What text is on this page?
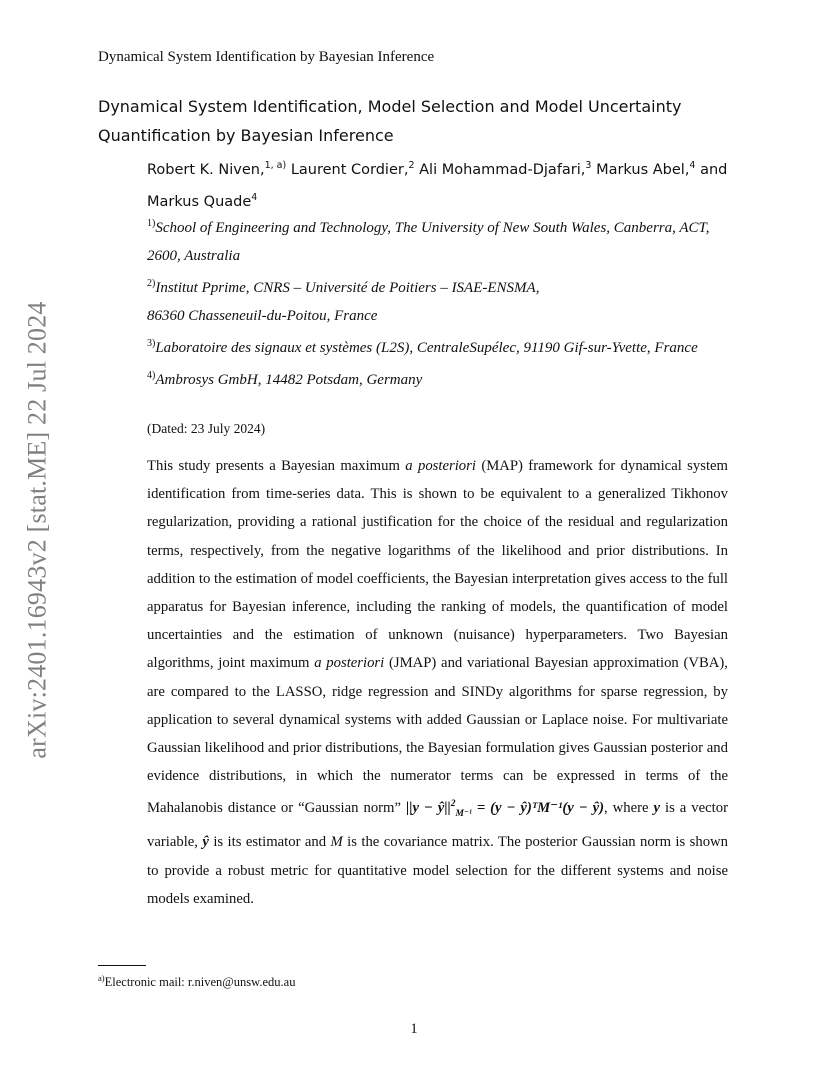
arXiv:2401.16943v2 [stat.ME] 22 Jul 2024
Dynamical System Identification by Bayesian Inference
Dynamical System Identification, Model Selection and Model Uncertainty Quantification by Bayesian Inference
Robert K. Niven,$^{1, a)}$ Laurent Cordier,$^2$ Ali Mohammad-Djafari,$^3$ Markus Abel,$^4$ and Markus Quade$^4$
$^{1)}$School of Engineering and Technology, The University of New South Wales, Canberra, ACT, 2600, Australia
$^{2)}$Institut Pprime, CNRS – Université de Poitiers – ISAE-ENSMA,
86360 Chasseneuil-du-Poitou, France
$^{3)}$Laboratoire des signaux et systèmes (L2S), CentraleSupélec, 91190 Gif-sur-Yvette, France
$^{4)}$Ambrosys GmbH, 14482 Potsdam, Germany
(Dated: 23 July 2024)

This study presents a Bayesian maximum a posteriori (MAP) framework for dynamical system identification from time-series data. This is shown to be equivalent to a generalized Tikhonov regularization, providing a rational justification for the choice of the residual and regularization terms, respectively, from the negative logarithms of the likelihood and prior distributions. In addition to the estimation of model coefficients, the Bayesian interpretation gives access to the full apparatus for Bayesian inference, including the ranking of models, the quantification of model uncertainties and the estimation of unknown (nuisance) hyperparameters. Two Bayesian algorithms, joint maximum a posteriori (JMAP) and variational Bayesian approximation (VBA), are compared to the LASSO, ridge regression and SINDy algorithms for sparse regression, by application to several dynamical systems with added Gaussian or Laplace noise. For multivariate Gaussian likelihood and prior distributions, the Bayesian formulation gives Gaussian posterior and evidence distributions, in which the numerator terms can be expressed in terms of the Mahalanobis distance or “Gaussian norm” $||y - ŷ||^2_{M^{-1}} = (y$ − ŷ)ᵀM⁻¹(y − ŷ), where y is a vector variable, ŷ is its estimator and M is the covariance matrix. The posterior Gaussian norm is shown to provide a robust metric for quantitative model selection for the different systems and noise models examined.

$^{a)}$Electronic mail: r.niven@unsw.edu.au
1
